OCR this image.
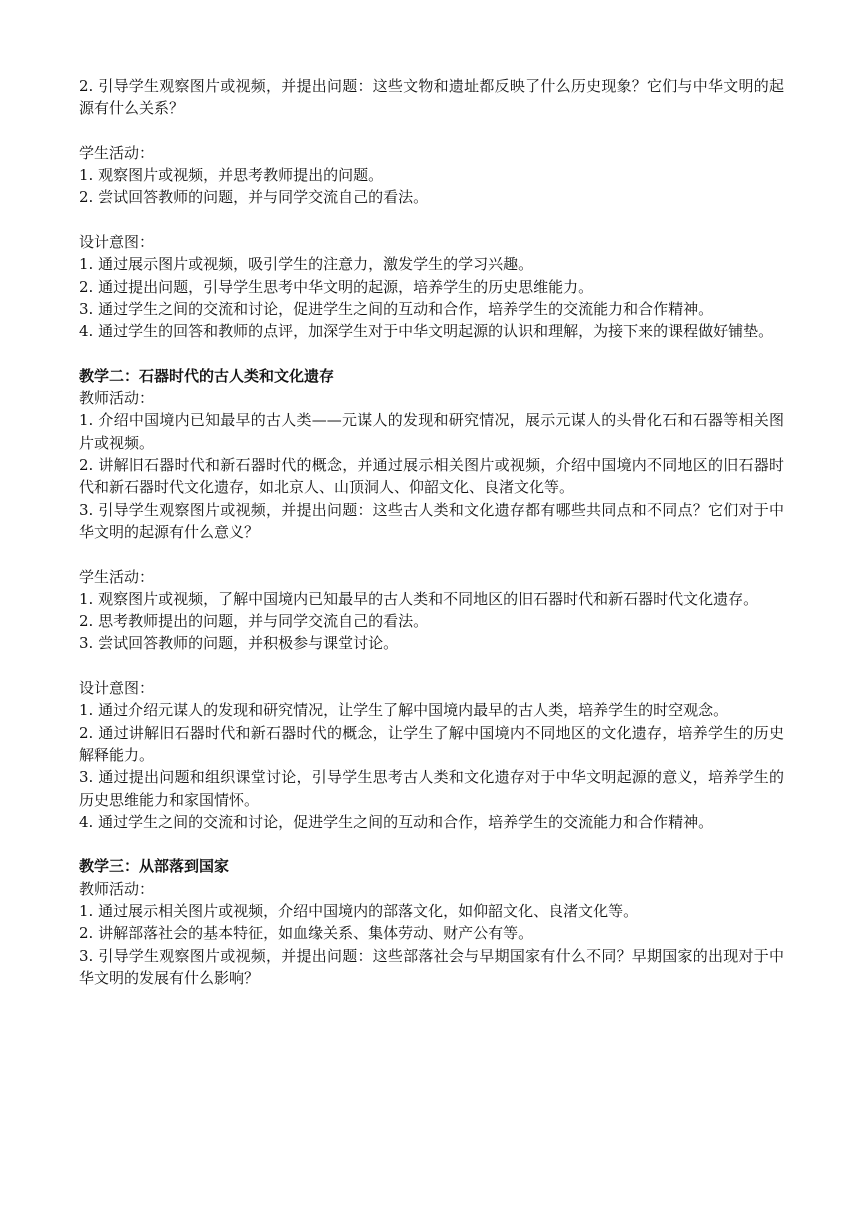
2. 引导学生观察图片或视频，并提出问题：这些文物和遗址都反映了什么历史现象？它们与中华文明的起源有什么关系？

学生活动：

1. 观察图片或视频，并思考教师提出的问题。

2. 尝试回答教师的问题，并与同学交流自己的看法。

设计意图：

1. 通过展示图片或视频，吸引学生的注意力，激发学生的学习兴趣。

2. 通过提出问题，引导学生思考中华文明的起源，培养学生的历史思维能力。

3. 通过学生之间的交流和讨论，促进学生之间的互动和合作，培养学生的交流能力和合作精神。

4. 通过学生的回答和教师的点评，加深学生对于中华文明起源的认识和理解，为接下来的课程做好铺垫。

教学二：石器时代的古人类和文化遗存

教师活动：

1. 介绍中国境内已知最早的古人类——元谋人的发现和研究情况，展示元谋人的头骨化石和石器等相关图片或视频。

2. 讲解旧石器时代和新石器时代的概念，并通过展示相关图片或视频，介绍中国境内不同地区的旧石器时代和新石器时代文化遗存，如北京人、山顶洞人、仰韶文化、良渚文化等。

3. 引导学生观察图片或视频，并提出问题：这些古人类和文化遗存都有哪些共同点和不同点？它们对于中华文明的起源有什么意义？

学生活动：

1. 观察图片或视频，了解中国境内已知最早的古人类和不同地区的旧石器时代和新石器时代文化遗存。

2. 思考教师提出的问题，并与同学交流自己的看法。

3. 尝试回答教师的问题，并积极参与课堂讨论。

设计意图：

1. 通过介绍元谋人的发现和研究情况，让学生了解中国境内最早的古人类，培养学生的时空观念。

2. 通过讲解旧石器时代和新石器时代的概念，让学生了解中国境内不同地区的文化遗存，培养学生的历史解释能力。

3. 通过提出问题和组织课堂讨论，引导学生思考古人类和文化遗存对于中华文明起源的意义，培养学生的历史思维能力和家国情怀。

4. 通过学生之间的交流和讨论，促进学生之间的互动和合作，培养学生的交流能力和合作精神。

教学三：从部落到国家

教师活动：

1. 通过展示相关图片或视频，介绍中国境内的部落文化，如仰韶文化、良渚文化等。

2. 讲解部落社会的基本特征，如血缘关系、集体劳动、财产公有等。

3. 引导学生观察图片或视频，并提出问题：这些部落社会与早期国家有什么不同？早期国家的出现对于中华文明的发展有什么影响？
